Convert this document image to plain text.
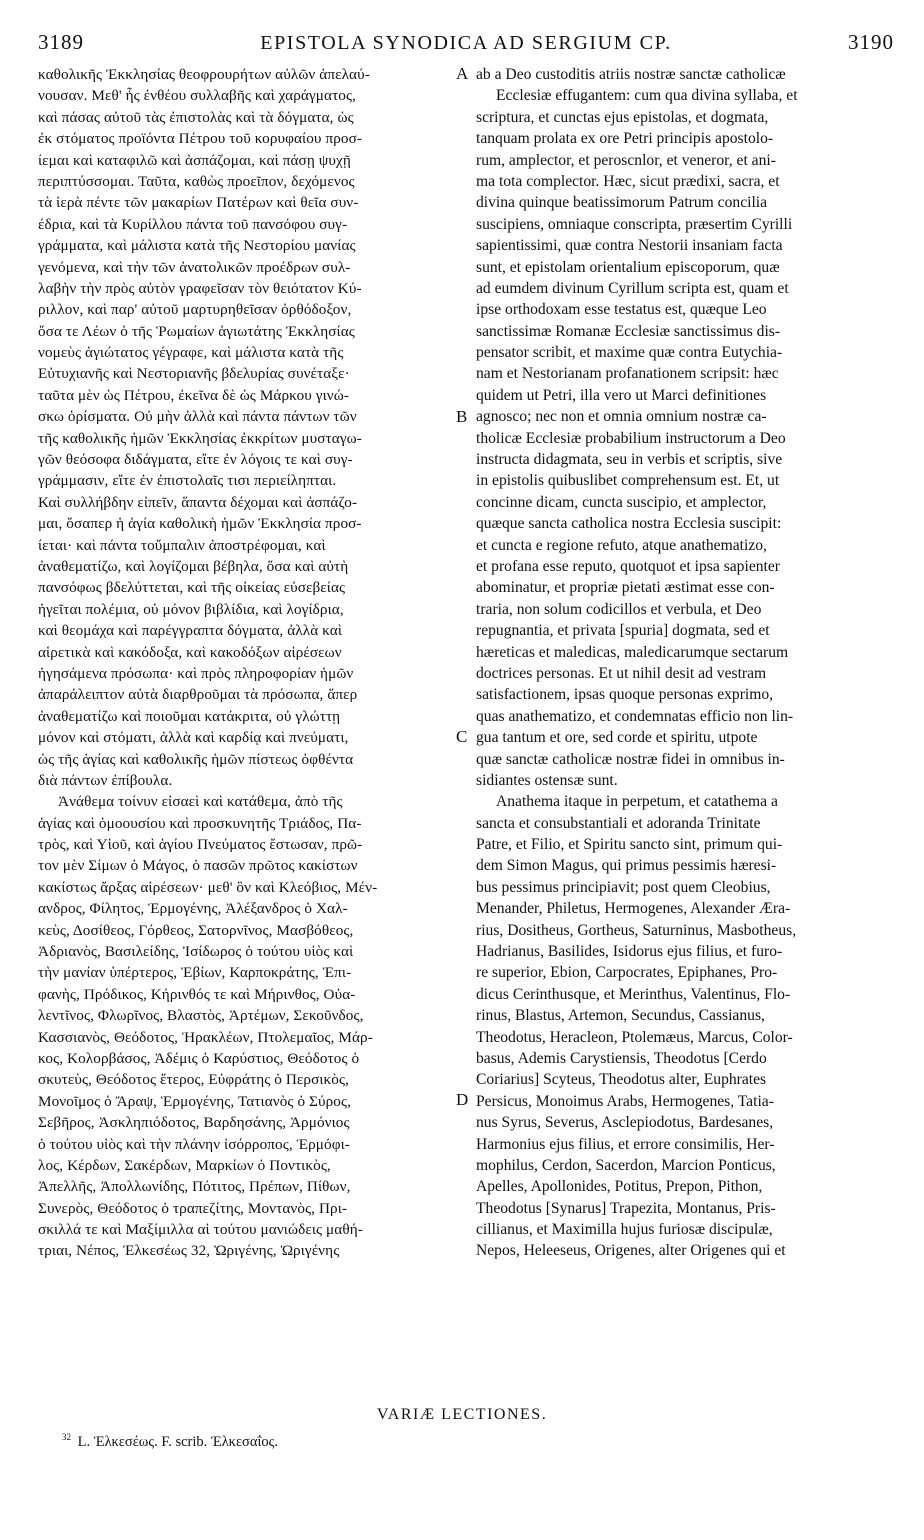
3189	EPISTOLA SYNODICA AD SERGIUM CP.	3190
καθολικῆς Ἐκκλησίας θεοφρουρήτων αὐλῶν ἀπελαύ-
νουσαν. Μεθ' ἧς ἐνθέου συλλαβῆς καὶ χαράγματος,
καὶ πάσας αὐτοῦ τὰς ἐπιστολὰς καὶ τὰ δόγματα, ὡς
ἐκ στόματος προϊόντα Πέτρου τοῦ κορυφαίου προσ-
ίεμαι καὶ καταφιλῶ καὶ ἀσπάζομαι, καὶ πάσῃ ψυχῇ
περιπτύσσομαι. Ταῦτα, καθὼς προεῖπον, δεχόμενος
τὰ ἱερὰ πέντε τῶν μακαρίων Πατέρων καὶ θεῖα συν-
έδρια, καὶ τὰ Κυρίλλου πάντα τοῦ πανσόφου συγ-
γράμματα, καὶ μάλιστα κατὰ τῆς Νεστορίου μανίας
γενόμενα, καὶ τὴν τῶν ἀνατολικῶν προέδρων συλ-
λαβὴν τὴν πρὸς αὐτὸν γραφεῖσαν τὸν θειότατον Κύ-
ριλλον, καὶ παρ' αὐτοῦ μαρτυρηθεῖσαν ὀρθόδοξον,
ὅσα τε Λέων ὁ τῆς Ῥωμαίων ἁγιωτάτης Ἐκκλησίας
νομεὺς ἁγιώτατος γέγραφε, καὶ μάλιστα κατὰ τῆς
Εὐτυχιανῆς καὶ Νεστοριανῆς βδελυρίας συνέταξε·
ταῦτα μὲν ὡς Πέτρου, ἐκεῖνα δὲ ὡς Μάρκου γινώ-
σκω ὁρίσματα. Οὐ μὴν ἀλλὰ καὶ πάντα πάντων τῶν
τῆς καθολικῆς ἡμῶν Ἐκκλησίας ἐκκρίτων μυσταγω-
γῶν θεόσοφα διδάγματα, εἴτε ἐν λόγοις τε καὶ συγ-
γράμμασιν, εἴτε ἐν ἐπιστολαῖς τισι περιείληπται.
Καὶ συλλήβδην εἰπεῖν, ἅπαντα δέχομαι καὶ ἀσπάζο-
μαι, ὅσαπερ ἡ ἁγία καθολικὴ ἡμῶν Ἐκκλησία προσ-
ίεται· καὶ πάντα τοὔμπαλιν ἀποστρέφομαι, καὶ
ἀναθεματίζω, καὶ λογίζομαι βέβηλα, ὅσα καὶ αὐτὴ
πανσόφως βδελύττεται, καὶ τῆς οἰκείας εὐσεβείας
ἡγεῖται πολέμια, οὐ μόνον βιβλίδια, καὶ λογίδρια,
καὶ θεομάχα καὶ παρέγγραπτα δόγματα, ἀλλὰ καὶ
αἱρετικὰ καὶ κακόδοξα, καὶ κακοδόξων αἱρέσεων
ἡγησάμενα πρόσωπα· καὶ πρὸς πληροφορίαν ἡμῶν
ἀπαράλειπτον αὐτὰ διαρθροῦμαι τὰ πρόσωπα, ἅπερ
ἀναθεματίζω καὶ ποιοῦμαι κατάκριτα, οὐ γλώττῃ
μόνον καὶ στόματι, ἀλλὰ καὶ καρδίᾳ καὶ πνεύματι,
ὡς τῆς ἁγίας καὶ καθολικῆς ἡμῶν πίστεως ὀφθέντα
διὰ πάντων ἐπίβουλα.
Ἀνάθεμα τοίνυν εἰσαεὶ καὶ κατάθεμα, ἀπὸ τῆς
ἁγίας καὶ ὁμοουσίου καὶ προσκυνητῆς Τριάδος, Πα-
τρὸς, καὶ Υἱοῦ, καὶ ἁγίου Πνεύματος ἔστωσαν, πρῶ-
τον μὲν Σίμων ὁ Μάγος, ὁ πασῶν πρῶτος κακίστων
κακίστως ἄρξας αἱρέσεων· μεθ' ὃν καὶ Κλεόβιος, Μέν-
ανδρος, Φίλητος, Ἑρμογένης, Ἀλέξανδρος ὁ Χαλ-
κεὺς, Δοσίθεος, Γόρθεος, Σατορνῖνος, Μασβόθεος,
Ἀδριανὸς, Βασιλείδης, Ἰσίδωρος ὁ τούτου υἱὸς καὶ
τὴν μανίαν ὑπέρτερος, Ἐβίων, Καρποκράτης, Ἐπι-
φανὴς, Πρόδικος, Κήρινθός τε καὶ Μήρινθος, Οὐα-
λεντῖνος, Φλωρῖνος, Βλαστὸς, Ἀρτέμων, Σεκοῦνδος,
Κασσιανὸς, Θεόδοτος, Ἡρακλέων, Πτολεμαῖος, Μάρ-
κος, Κολορβάσος, Ἀδέμις ὁ Καρύστιος, Θεόδοτος ὁ
σκυτεὺς, Θεόδοτος ἕτερος, Εὐφράτης ὁ Περσικὸς,
Μονοῖμος ὁ Ἄραψ, Ἑρμογένης, Τατιανὸς ὁ Σύρος,
Σεβῆρος, Ἀσκληπιόδοτος, Βαρδησάνης, Ἁρμόνιος
ὁ τούτου υἱὸς καὶ τὴν πλάνην ἰσόρροπος, Ἑρμόφι-
λος, Κέρδων, Σακέρδων, Μαρκίων ὁ Ποντικὸς,
Ἀπελλῆς, Ἀπολλωνίδης, Πότιτος, Πρέπων, Πίθων,
Συνερὸς, Θεόδοτος ὁ τραπεζίτης, Μοντανὸς, Πρι-
σκιλλά τε καὶ Μαξίμιλλα αἱ τούτου μανιώδεις μαθή-
τριαι, Νέπος, Ἐλκεσέως 32, Ὠριγένης, Ὠριγένης
ab a Deo custoditis atriis nostræ sanctæ catholicæ
Ecclesiæ effugantem: cum qua divina syllaba, et
scriptura, et cunctas ejus epistolas, et dogmata,
tanquam prolata ex ore Petri principis apostolo-
rum, amplector, et peroscnlor, et veneror, et ani-
ma tota complector. Hæc, sicut prædixi, sacra, et
divina quinque beatissimorum Patrum concilia
suscipiens, omniaque conscripta, præsertim Cyrilli
sapientissimi, quæ contra Nestorii insaniam facta
sunt, et epistolam orientalium episcoporum, quæ
ad eumdem divinum Cyrillum scripta est, quam et
ipse orthodoxam esse testatus est, quæque Leo
sanctissimæ Romanæ Ecclesiæ sanctissimus dis-
pensator scribit, et maxime quæ contra Eutychia-
nam et Nestorianam profanationem scripsit: hæc
quidem ut Petri, illa vero ut Marci definitiones
agnosco; nec non et omnia omnium nostræ ca-
tholicæ Ecclesiæ probabilium instructorum a Deo
instructa didagmata, seu in verbis et scriptis, sive
in epistolis quibuslibet comprehensum est. Et, ut
concinne dicam, cuncta suscipio, et amplector,
quæque sancta catholica nostra Ecclesia suscipit:
et cuncta e regione refuto, atque anathematizo,
et profana esse reputo, quotquot et ipsa sapienter
abominatur, et propriæ pietati æstimat esse con-
traria, non solum codicillos et verbula, et Deo
repugnantia, et privata [spuria] dogmata, sed et
hæreticas et maledicas, maledicarumque sectarum
doctrices personas. Et ut nihil desit ad vestram
satisfactionem, ipsas quoque personas exprimo,
quas anathematizo, et condemnatas efficio non lin-
gua tantum et ore, sed corde et spiritu, utpote
quæ sanctæ catholicæ nostræ fidei in omnibus in-
sidiantes ostensæ sunt.
Anathema itaque in perpetum, et catathema a
sancta et consubstantiali et adoranda Trinitate
Patre, et Filio, et Spiritu sancto sint, primum qui-
dem Simon Magus, qui primus pessimis hæresi-
bus pessimus principiavit; post quem Cleobius,
Menander, Philetus, Hermogenes, Alexander Æra-
rius, Dositheus, Gortheus, Saturninus, Masbotheus,
Hadrianus, Basilides, Isidorus ejus filius, et furo-
re superior, Ebion, Carpocrates, Epiphanes, Pro-
dicus Cerinthusque, et Merinthus, Valentinus, Flo-
rinus, Blastus, Artemon, Secundus, Cassianus,
Theodotus, Heracleon, Ptolemæus, Marcus, Color-
basus, Ademis Carystiensis, Theodotus [Cerdo
Coriarius] Scyteus, Theodotus alter, Euphrates
Persicus, Monoimus Arabs, Hermogenes, Tatia-
nus Syrus, Severus, Asclepiodotus, Bardesanes,
Harmonius ejus filius, et errore consimilis, Her-
mophilus, Cerdon, Sacerdon, Marcion Ponticus,
Apelles, Apollonides, Potitus, Prepon, Pithon,
Theodotus [Synarus] Trapezita, Montanus, Pris-
cillianus, et Maximilla hujus furiosæ discipulæ,
Nepos, Heleeseus, Origenes, alter Origenes qui et
A
B
C
D
VARIÆ LECTIONES.
$^{32}$ L. Ἐλκεσέως. F. scrib. Ἐλκεσαΐος.
